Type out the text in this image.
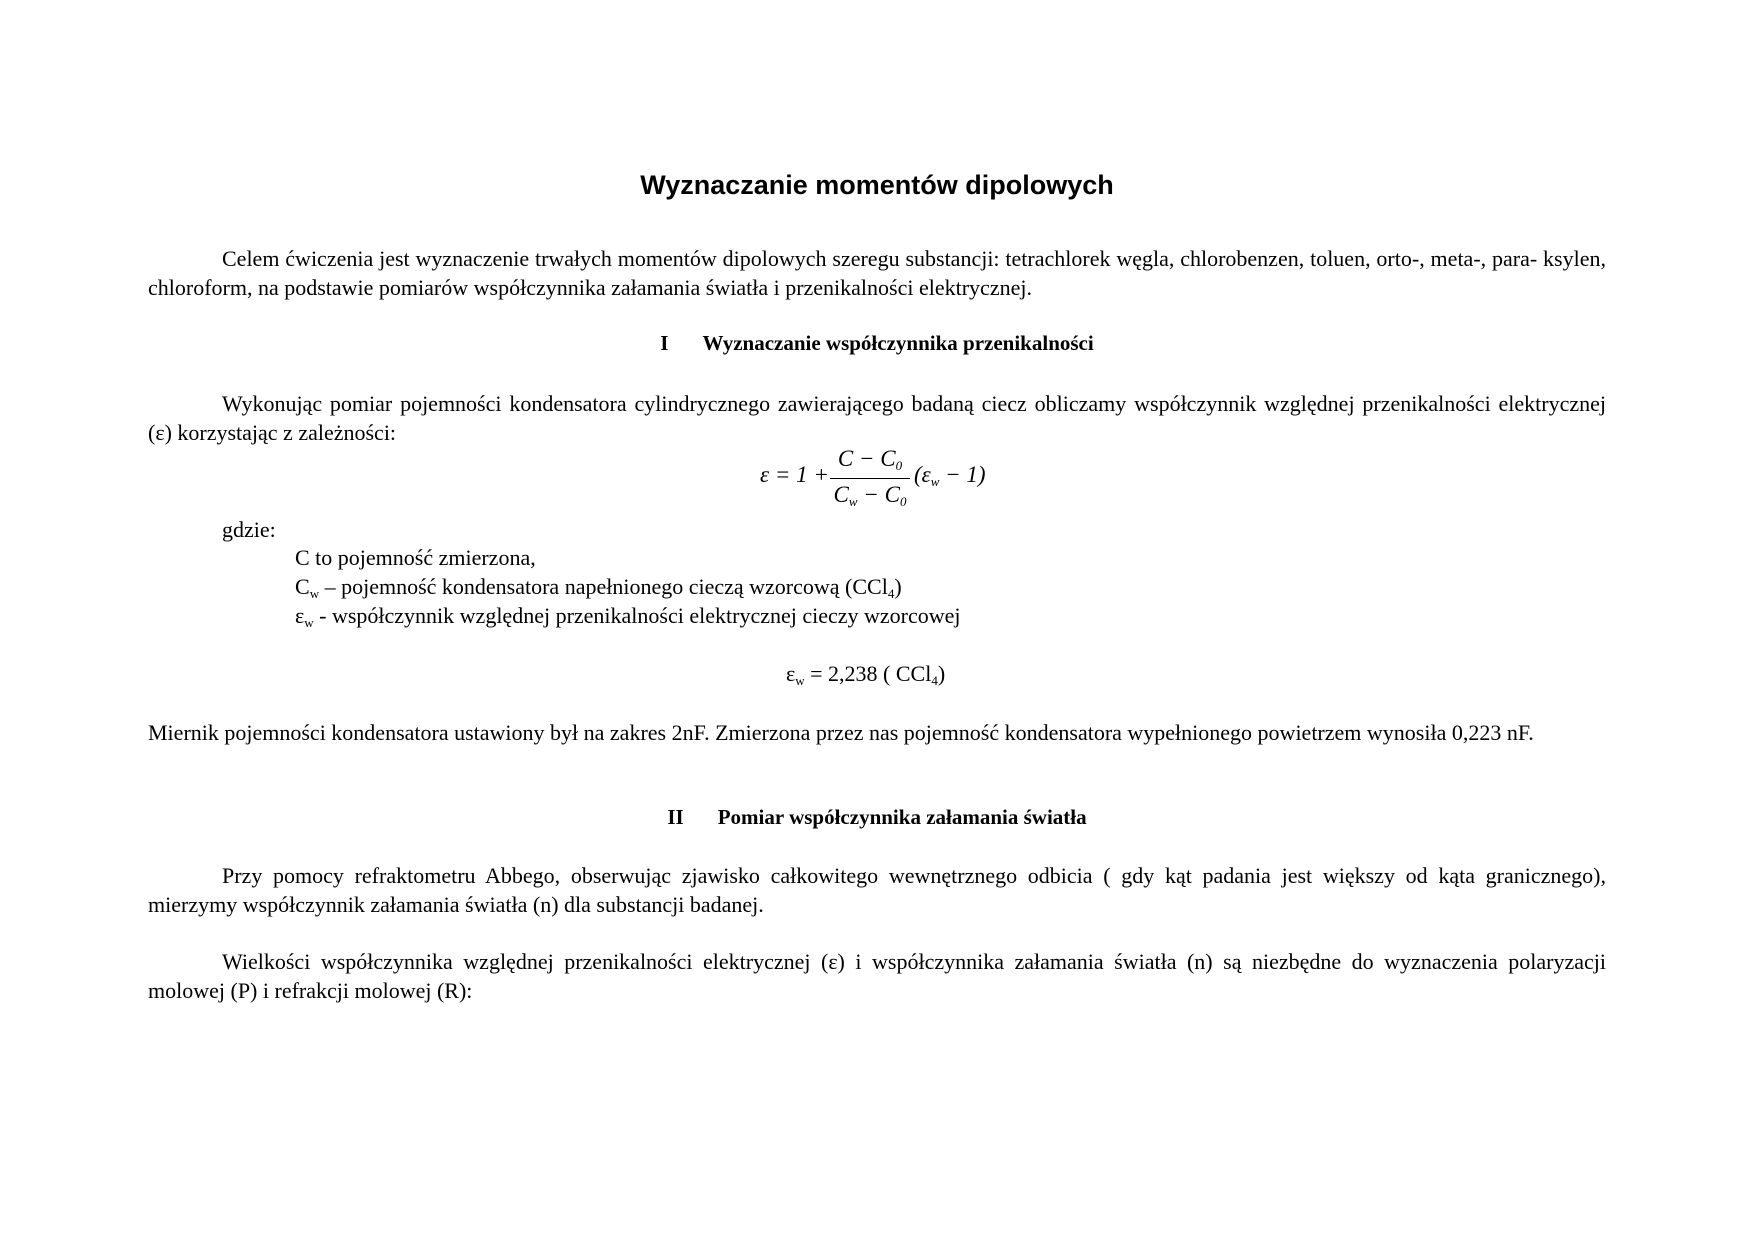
Wyznaczanie momentów dipolowych
Celem ćwiczenia jest wyznaczenie trwałych momentów dipolowych szeregu substancji: tetrachlorek węgla, chlorobenzen, toluen, orto-, meta-, para- ksylen, chloroform, na podstawie pomiarów współczynnika załamania światła i przenikalności elektrycznej.
I Wyznaczanie współczynnika przenikalności
Wykonując pomiar pojemności kondensatora cylindrycznego zawierającego badaną ciecz obliczamy współczynnik względnej przenikalności elektrycznej (ε) korzystając z zależności:
ε = 1 +
$C - C_0$
$C_w - C_0$
$(\varepsilon_w - 1)$
gdzie:
C to pojemność zmierzona,
$C_w$ – pojemność kondensatora napełnionego cieczą wzorcową (CCl$_4$)
$\varepsilon_w$ - współczynnik względnej przenikalności elektrycznej cieczy wzorcowej
$\varepsilon_w = 2,238$ ( CCl$_4$)
Miernik pojemności kondensatora ustawiony był na zakres 2nF. Zmierzona przez nas pojemność kondensatora wypełnionego powietrzem wynosiła 0,223 nF.
II Pomiar współczynnika załamania światła
Przy pomocy refraktometru Abbego, obserwując zjawisko całkowitego wewnętrznego odbicia ( gdy kąt padania jest większy od kąta granicznego), mierzymy współczynnik załamania światła (n) dla substancji badanej.
Wielkości współczynnika względnej przenikalności elektrycznej (ε) i współczynnika załamania światła (n) są niezbędne do wyznaczenia polaryzacji molowej (P) i refrakcji molowej (R):
